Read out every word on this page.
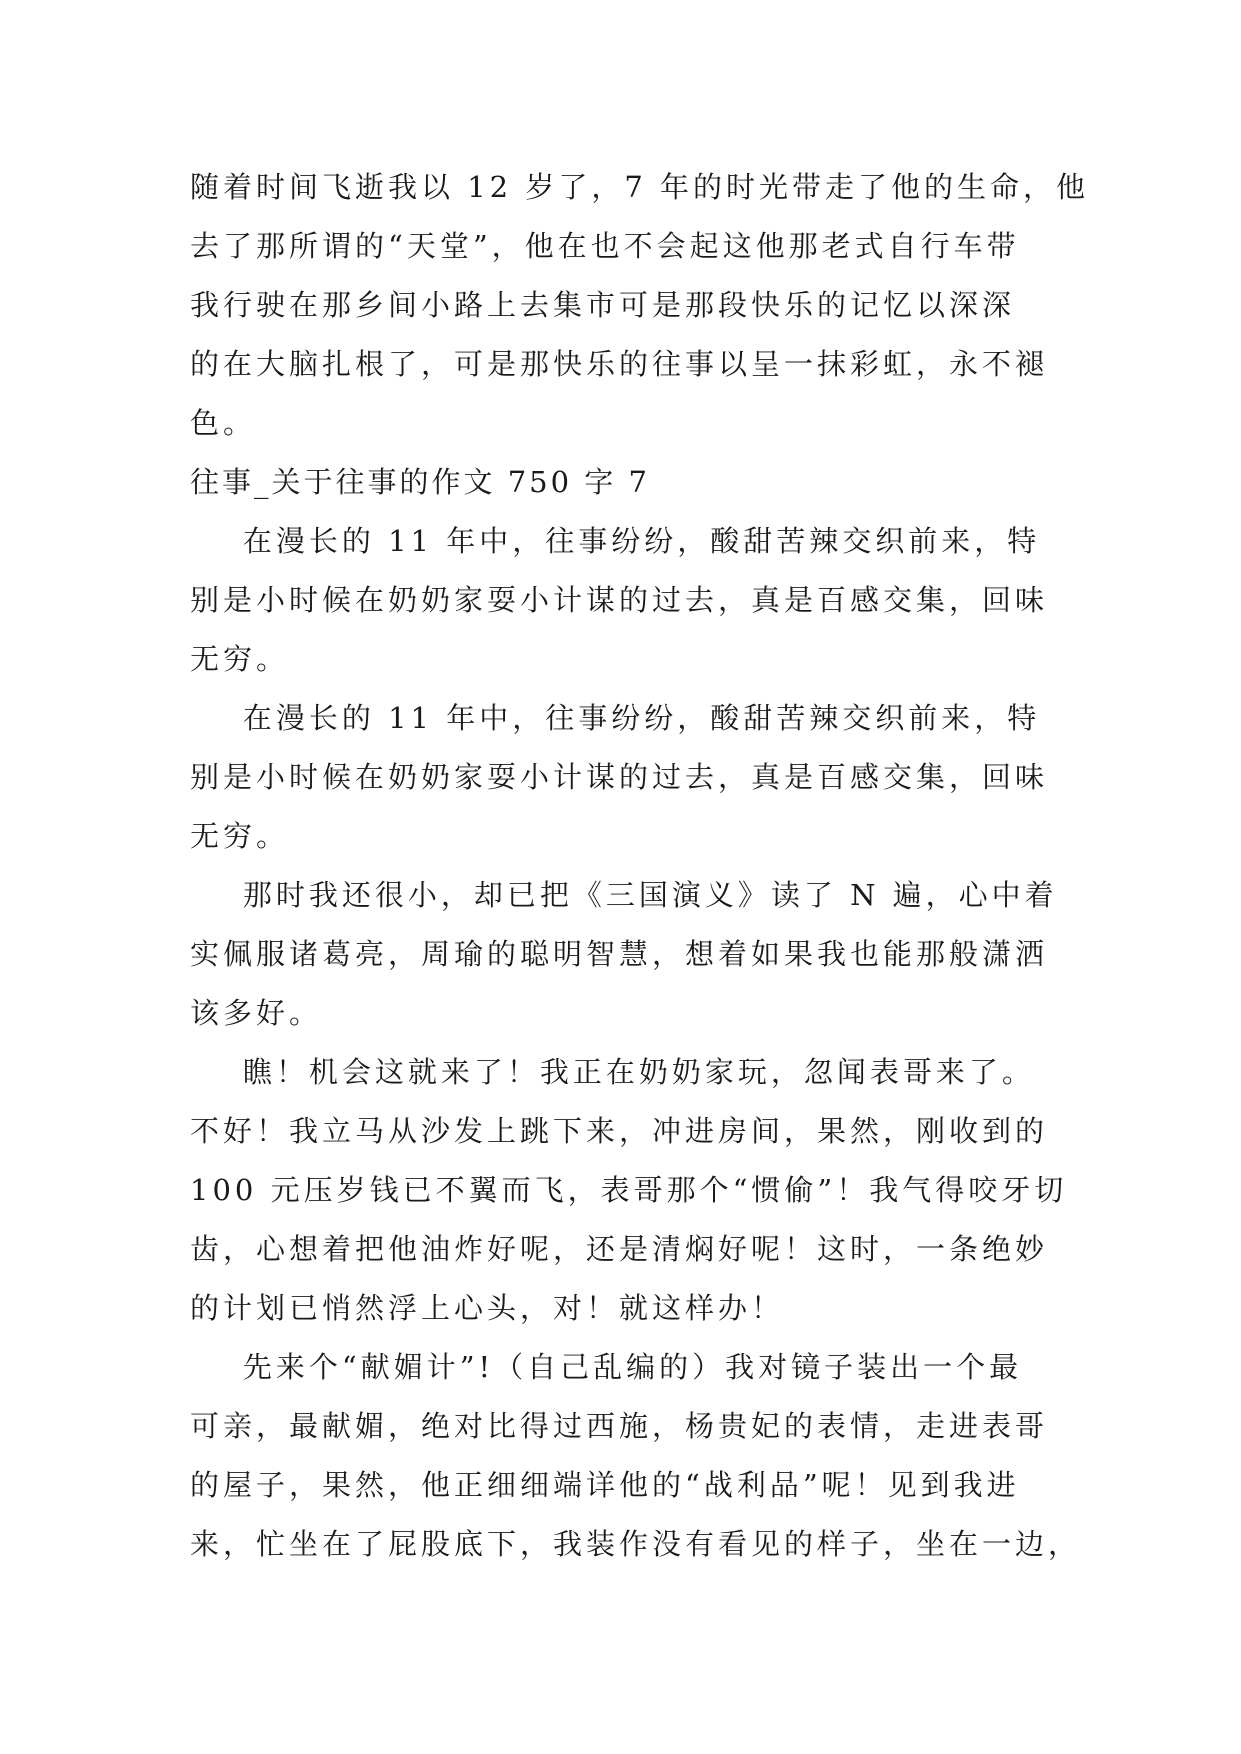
随着时间飞逝我以 12 岁了，7 年的时光带走了他的生命，他
去了那所谓的“天堂”，他在也不会起这他那老式自行车带
我行驶在那乡间小路上去集市可是那段快乐的记忆以深深
的在大脑扎根了，可是那快乐的往事以呈一抹彩虹，永不褪
色。
往事_关于往事的作文 750 字 7
在漫长的 11 年中，往事纷纷，酸甜苦辣交织前来，特
别是小时候在奶奶家耍小计谋的过去，真是百感交集，回味
无穷。
在漫长的 11 年中，往事纷纷，酸甜苦辣交织前来，特
别是小时候在奶奶家耍小计谋的过去，真是百感交集，回味
无穷。
那时我还很小，却已把《三国演义》读了 N 遍，心中着
实佩服诸葛亮，周瑜的聪明智慧，想着如果我也能那般潇洒
该多好。
瞧！机会这就来了！我正在奶奶家玩，忽闻表哥来了。
不好！我立马从沙发上跳下来，冲进房间，果然，刚收到的
100 元压岁钱已不翼而飞，表哥那个“惯偷”！我气得咬牙切
齿，心想着把他油炸好呢，还是清焖好呢！这时，一条绝妙
的计划已悄然浮上心头，对！就这样办！
先来个“献媚计”!（自己乱编的）我对镜子装出一个最
可亲，最献媚，绝对比得过西施，杨贵妃的表情，走进表哥
的屋子，果然，他正细细端详他的“战利品”呢！见到我进
来，忙坐在了屁股底下，我装作没有看见的样子，坐在一边，
